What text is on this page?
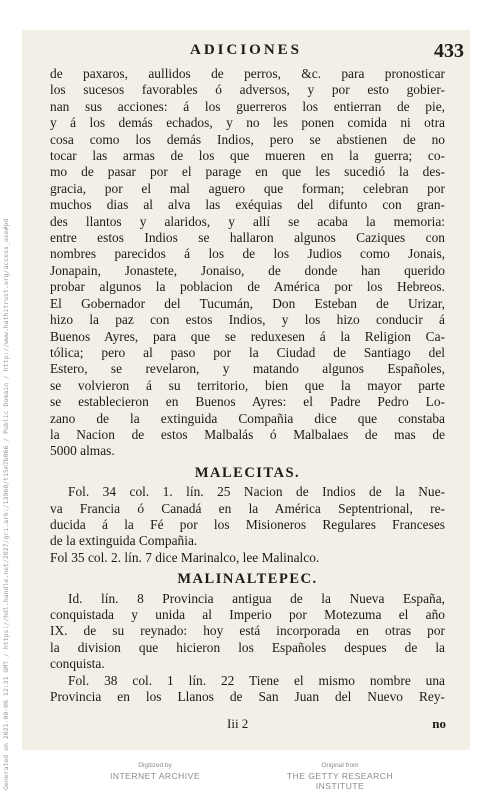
ADICIONES	433
de paxaros, aullidos de perros, &c. para pronosticar
los sucesos favorables ó adversos, y por esto gobier-
nan sus acciones: á los guerreros los entierran de pie,
y á los demás echados, y no les ponen comida ni otra
cosa como los demás Indios, pero se abstienen de no
tocar las armas de los que mueren en la guerra; co-
mo de pasar por el parage en que les sucedió la des-
gracia, por el mal aguero que forman; celebran por
muchos dias al alva las exéquias del difunto con gran-
des llantos y alaridos, y allí se acaba la memoria:
entre estos Indios se hallaron algunos Caziques con
nombres parecidos á los de los Judios como Jonais,
Jonapain, Jonastete, Jonaiso, de donde han querido
probar algunos la poblacion de América por los Hebreos.
El Gobernador del Tucumán, Don Esteban de Urizar,
hizo la paz con estos Indios, y los hizo conducir á
Buenos Ayres, para que se reduxesen á la Religion Ca-
tólica; pero al paso por la Ciudad de Santiago del
Estero, se revelaron, y matando algunos Españoles,
se volvieron á su territorio, bien que la mayor parte
se establecieron en Buenos Ayres: el Padre Pedro Lo-
zano de la extinguida Compañia dice que constaba
la Nacion de estos Malbalás ó Malbalaes de mas de
5000 almas.
MALECITAS.
Fol. 34 col. 1. lín. 25 Nacion de Indios de la Nue-
va Francia ó Canadá en la América Septentrional, re-
ducida á la Fé por los Misioneros Regulares Franceses
de la extinguida Compañia.
Fol 35 col. 2. lín. 7 dice Marinalco, lee Malinalco.
MALINALTEPEC.
Id. lín. 8 Provincia antigua de la Nueva España,
conquistada y unida al Imperio por Motezuma el año
IX. de su reynado: hoy está incorporada en otras por
la division que hicieron los Españoles despues de la
conquista.
Fol. 38 col. 1 lín. 22 Tiene el mismo nombre una
Provincia en los Llanos de San Juan del Nuevo Rey-
Iii 2	no
Generated on 2021-09-06 12:31 GMT / https://hdl.handle.net/2027/gri.ark:/13960/t15m7b066 / Public Domain / http://www.hathitrust.org/access_use#pd	Digitized by
INTERNET ARCHIVE
Original from
THE GETTY RESEARCH INSTITUTE
